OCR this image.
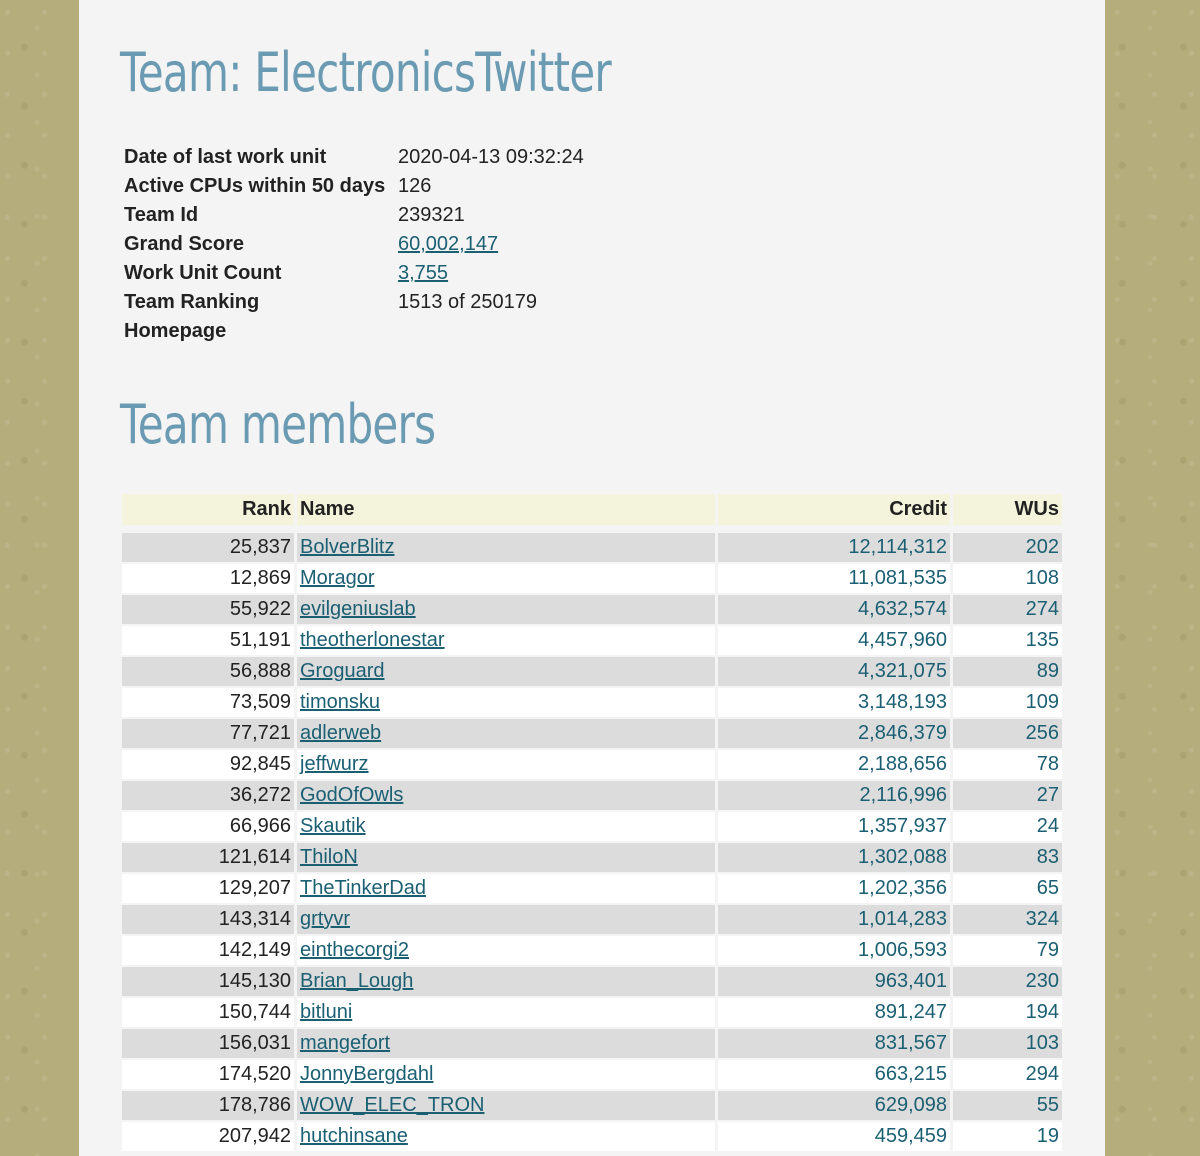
Team: ElectronicsTwitter
Date of last work unit	2020-04-13 09:32:24
Active CPUs within 50 days	126
Team Id	239321
Grand Score	60,002,147
Work Unit Count	3,755
Team Ranking	1513 of 250179
Homepage	
Team members
Rank	Name	Credit	WUs
25,837	BolverBlitz	12,114,312	202
12,869	Moragor	11,081,535	108
55,922	evilgeniuslab	4,632,574	274
51,191	theotherlonestar	4,457,960	135
56,888	Groguard	4,321,075	89
73,509	timonsku	3,148,193	109
77,721	adlerweb	2,846,379	256
92,845	jeffwurz	2,188,656	78
36,272	GodOfOwls	2,116,996	27
66,966	Skautik	1,357,937	24
121,614	ThiloN	1,302,088	83
129,207	TheTinkerDad	1,202,356	65
143,314	grtyvr	1,014,283	324
142,149	einthecorgi2	1,006,593	79
145,130	Brian_Lough	963,401	230
150,744	bitluni	891,247	194
156,031	mangefort	831,567	103
174,520	JonnyBergdahl	663,215	294
178,786	WOW_ELEC_TRON	629,098	55
207,942	hutchinsane	459,459	19
